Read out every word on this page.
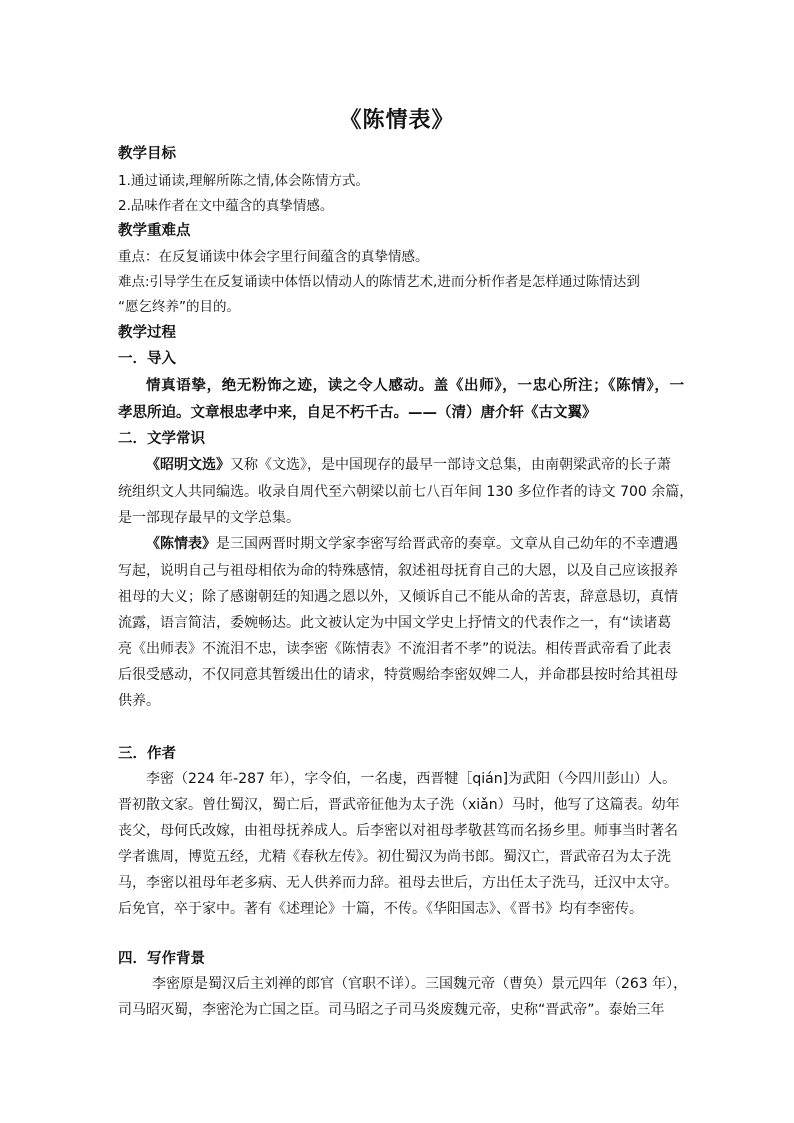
《陈情表》
教学目标
1.通过诵读,理解所陈之情,体会陈情方式。
2.品味作者在文中蕴含的真挚情感。
教学重难点
重点：在反复诵读中体会字里行间蕴含的真挚情感。
难点:引导学生在反复诵读中体悟以情动人的陈情艺术,进而分析作者是怎样通过陈情达到
“愿乞终养”的目的。
教学过程
一．导入
情真语挚，绝无粉饰之迹，读之令人感动。盖《出师》，一忠心所注；《陈情》，一
孝思所迫。文章根忠孝中来，自足不朽千古。——（清）唐介轩《古文翼》
二．文学常识
《昭明文选》又称《文选》，是中国现存的最早一部诗文总集，由南朝梁武帝的长子萧
统组织文人共同编选。收录自周代至六朝梁以前七八百年间 130 多位作者的诗文 700 余篇，
是一部现存最早的文学总集。
《陈情表》是三国两晋时期文学家李密写给晋武帝的奏章。文章从自己幼年的不幸遭遇
写起，说明自己与祖母相依为命的特殊感情，叙述祖母抚育自己的大恩，以及自己应该报养
祖母的大义；除了感谢朝廷的知遇之恩以外，又倾诉自己不能从命的苦衷，辞意恳切，真情
流露，语言简洁，委婉畅达。此文被认定为中国文学史上抒情文的代表作之一，有“读诸葛
亮《出师表》不流泪不忠，读李密《陈情表》不流泪者不孝”的说法。相传晋武帝看了此表
后很受感动，不仅同意其暂缓出仕的请求，特赏赐给李密奴婢二人，并命郡县按时给其祖母
供养。
三．作者
李密（224 年-287 年），字令伯，一名虔，西晋犍［qián]为武阳（今四川彭山）人。
晋初散文家。曾仕蜀汉，蜀亡后，晋武帝征他为太子洗（xiǎn）马时，他写了这篇表。幼年
丧父，母何氏改嫁，由祖母抚养成人。后李密以对祖母孝敬甚笃而名扬乡里。师事当时著名
学者谯周，博览五经，尤精《春秋左传》。初仕蜀汉为尚书郎。蜀汉亡，晋武帝召为太子洗
马，李密以祖母年老多病、无人供养而力辞。祖母去世后，方出任太子洗马，迁汉中太守。
后免官，卒于家中。著有《述理论》十篇，不传。《华阳国志》、《晋书》均有李密传。
四．写作背景
李密原是蜀汉后主刘禅的郎官（官职不详）。三国魏元帝（曹奂）景元四年（263 年），
司马昭灭蜀，李密沦为亡国之臣。司马昭之子司马炎废魏元帝，史称“晋武帝”。泰始三年
